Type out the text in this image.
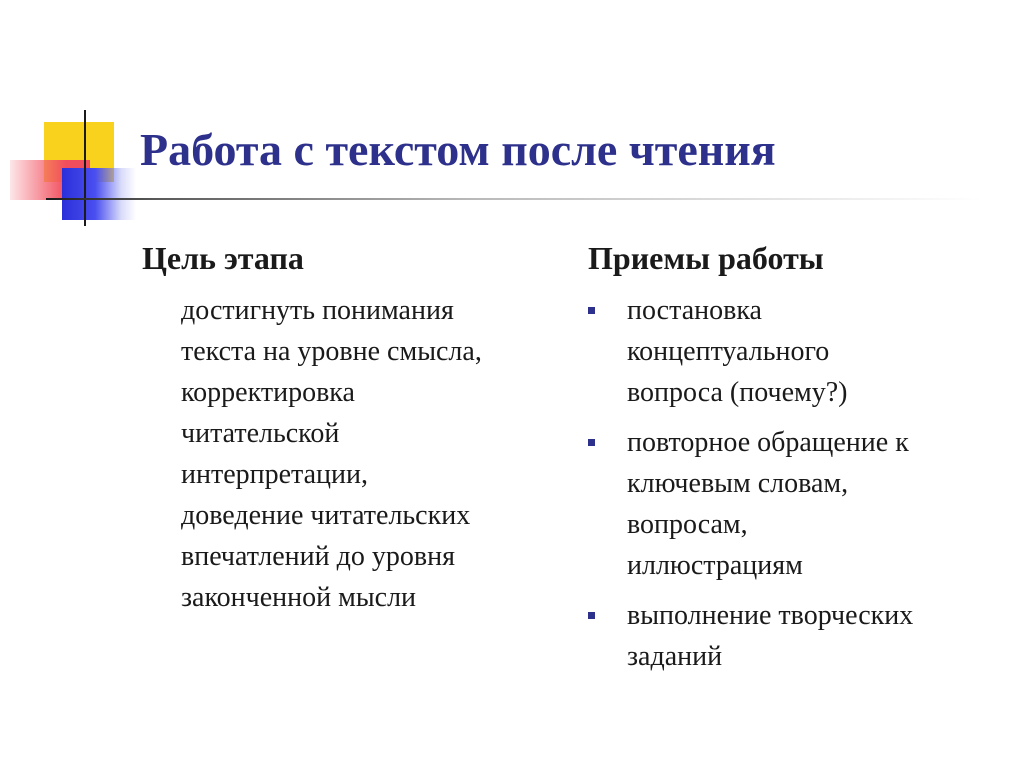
Работа с текстом после чтения
Цель этапа	Приемы работы
достигнуть понимания
текста на уровне смысла,
корректировка
читательской
интерпретации,
доведение читательских
впечатлений до уровня
законченной мысли
постановка
концептуального
вопроса (почему?)
повторное обращение к
ключевым словам,
вопросам,
иллюстрациям
выполнение творческих
заданий
